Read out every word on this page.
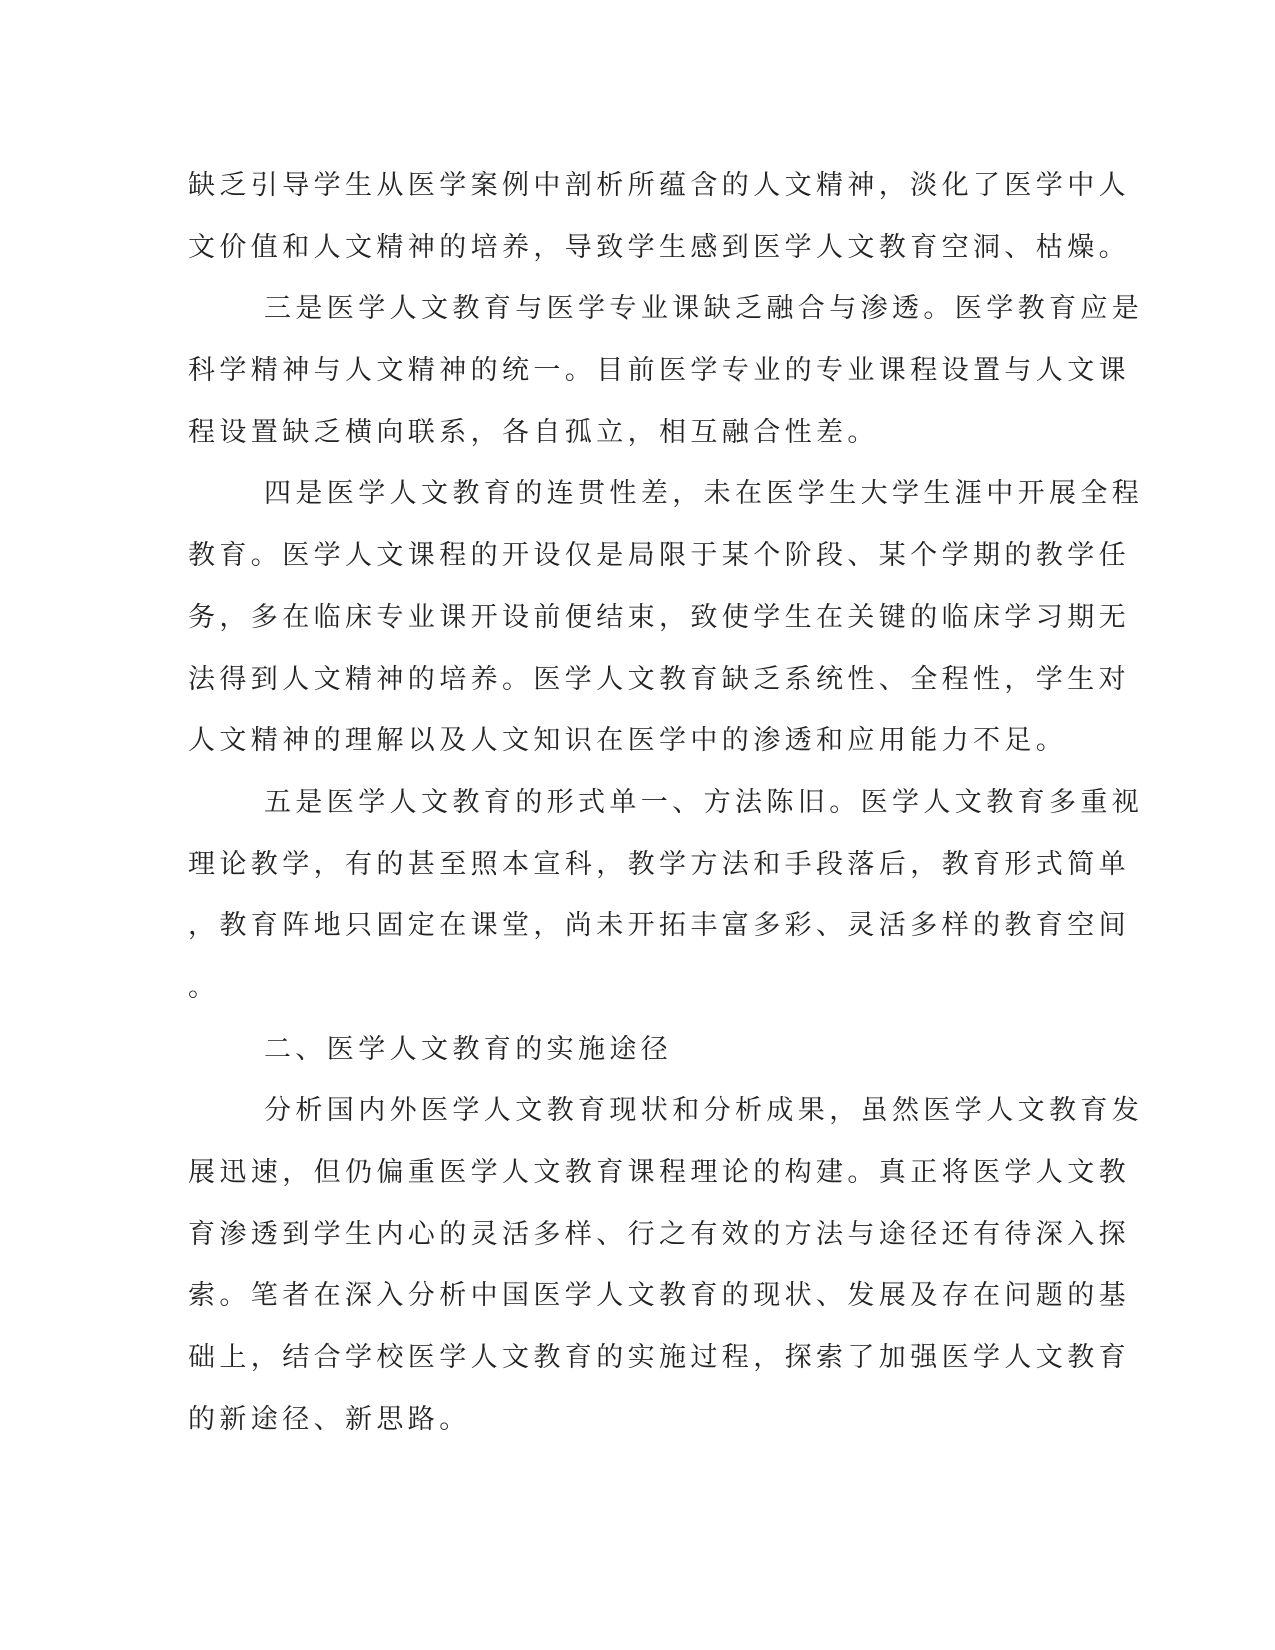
缺乏引导学生从医学案例中剖析所蕴含的人文精神，淡化了医学中人
文价值和人文精神的培养，导致学生感到医学人文教育空洞、枯燥。
三是医学人文教育与医学专业课缺乏融合与渗透。医学教育应是
科学精神与人文精神的统一。目前医学专业的专业课程设置与人文课
程设置缺乏横向联系，各自孤立，相互融合性差。
四是医学人文教育的连贯性差，未在医学生大学生涯中开展全程
教育。医学人文课程的开设仅是局限于某个阶段、某个学期的教学任
务，多在临床专业课开设前便结束，致使学生在关键的临床学习期无
法得到人文精神的培养。医学人文教育缺乏系统性、全程性，学生对
人文精神的理解以及人文知识在医学中的渗透和应用能力不足。
五是医学人文教育的形式单一、方法陈旧。医学人文教育多重视
理论教学，有的甚至照本宣科，教学方法和手段落后，教育形式简单
，教育阵地只固定在课堂，尚未开拓丰富多彩、灵活多样的教育空间
。
二、医学人文教育的实施途径
分析国内外医学人文教育现状和分析成果，虽然医学人文教育发
展迅速，但仍偏重医学人文教育课程理论的构建。真正将医学人文教
育渗透到学生内心的灵活多样、行之有效的方法与途径还有待深入探
索。笔者在深入分析中国医学人文教育的现状、发展及存在问题的基
础上，结合学校医学人文教育的实施过程，探索了加强医学人文教育
的新途径、新思路。
